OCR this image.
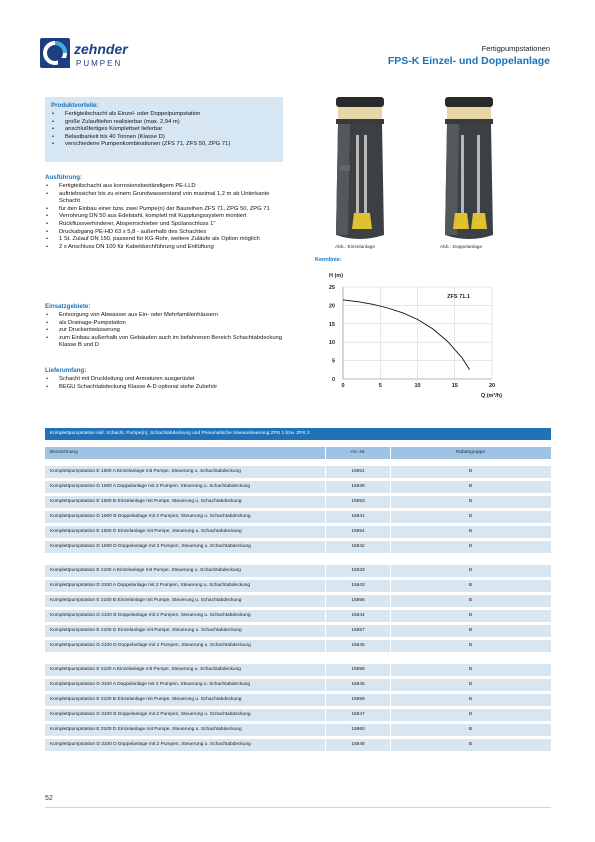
zehnder
PUMPEN
Fertigpumpstationen
FPS-K Einzel- und Doppelanlage
Produktvorteile:
• Fertigteilschacht als Einzel- oder Doppelpumpstation
• große Zulauftiefen realisierbar (max. 2,94 m)
• anschlußfertiges Komplettset lieferbar
• Belastbarkeit bis 40 Tonnen (Klasse D)
• verschiedene Pumpenkombinationen (ZFS 71, ZFS 50, ZPG 71)
Ausführung:
• Fertigteilschacht aus korrosionsbeständigem PE-LLD
• auftriebssicher bis zu einem Grundwasserstand von maximal 1,2 m ab Unterkante Schacht
• für den Einbau einer bzw. zwei Pumpe(n) der Baureihen ZFS 71, ZPG 50, ZPG 71
• Verrohrung DN 50 aus Edelstahl, komplett mit Kupplungssystem montiert
• Rückflussverhinderer, Absperrschieber und Spülanschluss 1"
• Druckabgang PE-HD 63 x 5,8 - außerhalb des Schachtes
• 1 St. Zulauf DN 150, passend für KG-Rohr, weitere Zuläufe als Option möglich
• 2 x Anschluss DN 100 für Kabeldurchführung und Entlüftung
Einsatzgebiete:
• Entsorgung von Abwasser aus Ein- oder Mehrfamilienhäusern
• als Drainage-Pumpstation
• zur Druckentwässerung
• zum Einbau außerhalb von Gebäuden auch im befahrenen Bereich Schachtabdeckung Klasse B und D
Lieferumfang:
• Schacht mit Druckleitung und Armaturen ausgerüstet
• BEGU Schachtabdeckung Klasse A-D optional siehe Zubehör
Abb.: Einzelanlage	Abb.: Doppelanlage
Kennlinie:
0	5	10	15	20
0
5
10
15
20
25
H (m)
Q (m³/h)
ZFS 71.1
Komplettpumpstation inkl. Schacht, Pumpe(n), Schachtabdeckung und Pneumatische Niveausteuerung ZPS 1 bzw. ZPS 2
Bezeichnung	Art.-Nr.	Rabattgruppe
Komplettpumpstation E 1600 A Einzelanlage mit Pumpe, Steuerung u. Schachtabdeckung	15851	B
Komplettpumpstation D 1600 A Doppelanlage mit 2 Pumpen, Steuerung u. Schachtabdeckung	15839	B
Komplettpumpstation E 1600 B Einzelanlage mit Pumpe, Steuerung u. Schachtabdeckung	15853	B
Komplettpumpstation D 1600 B Doppelanlage mit 2 Pumpen, Steuerung u. Schachtabdeckung	15841	B
Komplettpumpstation E 1600 D Einzelanlage mit Pumpe, Steuerung u. Schachtabdeckung	15854	B
Komplettpumpstation D 1600 D Doppelanlage mit 2 Pumpen, Steuerung u. Schachtabdeckung	15842	B
Komplettpumpstation E 2100 A Einzelanlage mit Pumpe, Steuerung u. Schachtabdeckung	16833	B
Komplettpumpstation D 2100 A Doppelanlage mit 2 Pumpen, Steuerung u. Schachtabdeckung	15843	B
Komplettpumpstation E 2100 B Einzelanlage mit Pumpe, Steuerung u. Schachtabdeckung	15856	B
Komplettpumpstation D 2100 B Doppelanlage mit 2 Pumpen, Steuerung u. Schachtabdeckung	15844	B
Komplettpumpstation E 2100 D Einzelanlage mit Pumpe, Steuerung u. Schachtabdeckung	15857	B
Komplettpumpstation D 2100 D Doppelanlage mit 2 Pumpen, Steuerung u. Schachtabdeckung	15845	B
Komplettpumpstation E 3100 A Einzelanlage mit Pumpe, Steuerung u. Schachtabdeckung	15858	B
Komplettpumpstation D 3100 A Doppelanlage mit 2 Pumpen, Steuerung u. Schachtabdeckung	15846	B
Komplettpumpstation E 3100 B Einzelanlage mit Pumpe, Steuerung u. Schachtabdeckung	15859	B
Komplettpumpstation D 3100 B Doppelanlage mit 2 Pumpen, Steuerung u. Schachtabdeckung	15847	B
Komplettpumpstation E 3100 D Einzelanlage mit Pumpe, Steuerung u. Schachtabdeckung	15860	B
Komplettpumpstation D 3100 D Doppelanlage mit 2 Pumpen, Steuerung u. Schachtabdeckung	15848	B
52
